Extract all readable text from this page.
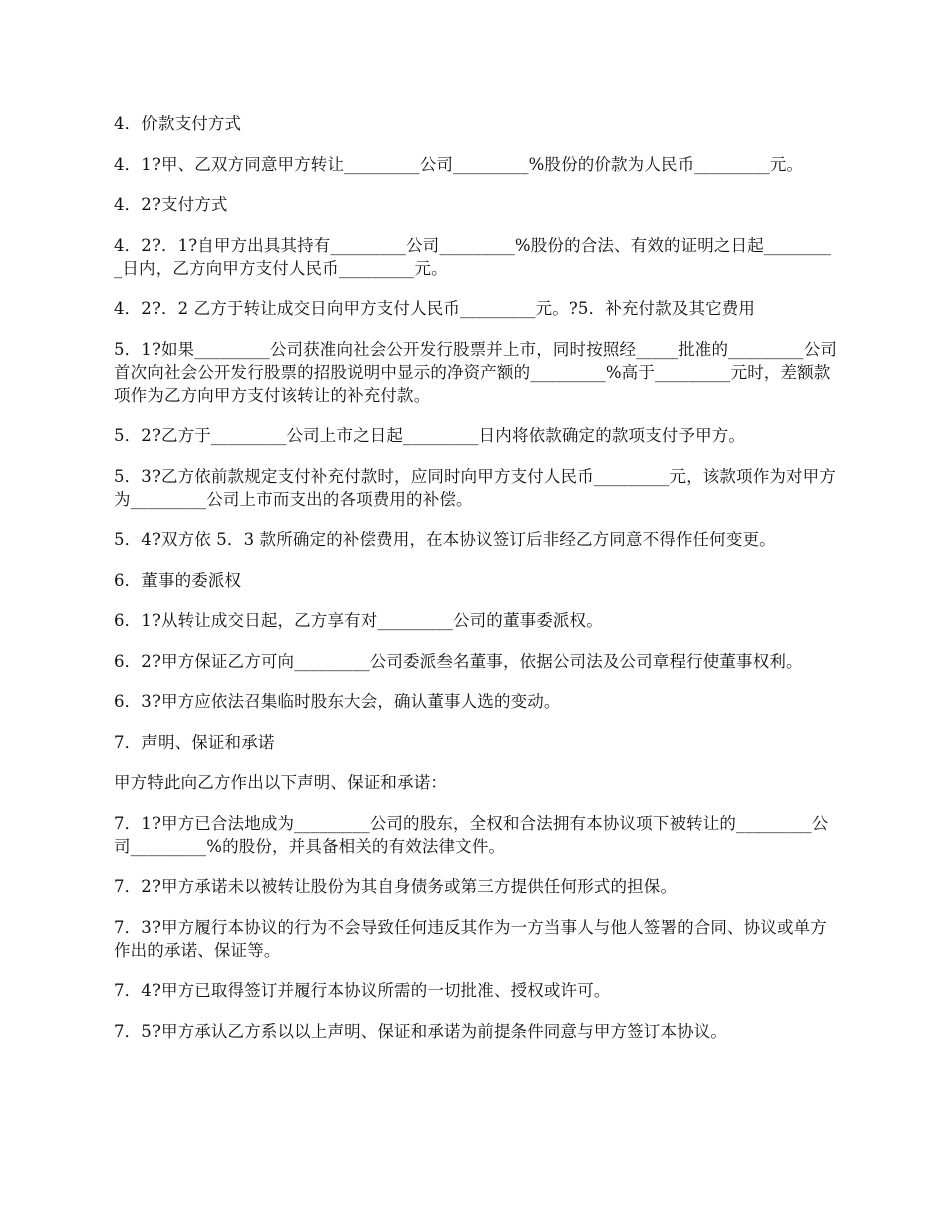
4．价款支付方式

4．1?甲、乙双方同意甲方转让_________公司_________%股份的价款为人民币_________元。

4．2?支付方式

4．2?．1?自甲方出具其持有_________公司_________%股份的合法、有效的证明之日起_________日内，乙方向甲方支付人民币_________元。

4．2?．2 乙方于转让成交日向甲方支付人民币_________元。?5．补充付款及其它费用

5．1?如果_________公司获准向社会公开发行股票并上市，同时按照经_____批准的_________公司首次向社会公开发行股票的招股说明中显示的净资产额的_________%高于_________元时，差额款项作为乙方向甲方支付该转让的补充付款。

5．2?乙方于_________公司上市之日起_________日内将依款确定的款项支付予甲方。

5．3?乙方依前款规定支付补充付款时，应同时向甲方支付人民币_________元，该款项作为对甲方为_________公司上市而支出的各项费用的补偿。

5．4?双方依 5．3 款所确定的补偿费用，在本协议签订后非经乙方同意不得作任何变更。

6．董事的委派权

6．1?从转让成交日起，乙方享有对_________公司的董事委派权。

6．2?甲方保证乙方可向_________公司委派叁名董事，依据公司法及公司章程行使董事权利。

6．3?甲方应依法召集临时股东大会，确认董事人选的变动。

7．声明、保证和承诺

甲方特此向乙方作出以下声明、保证和承诺：

7．1?甲方已合法地成为_________公司的股东，全权和合法拥有本协议项下被转让的_________公司_________%的股份，并具备相关的有效法律文件。

7．2?甲方承诺未以被转让股份为其自身债务或第三方提供任何形式的担保。

7．3?甲方履行本协议的行为不会导致任何违反其作为一方当事人与他人签署的合同、协议或单方作出的承诺、保证等。

7．4?甲方已取得签订并履行本协议所需的一切批准、授权或许可。

7．5?甲方承认乙方系以以上声明、保证和承诺为前提条件同意与甲方签订本协议。
